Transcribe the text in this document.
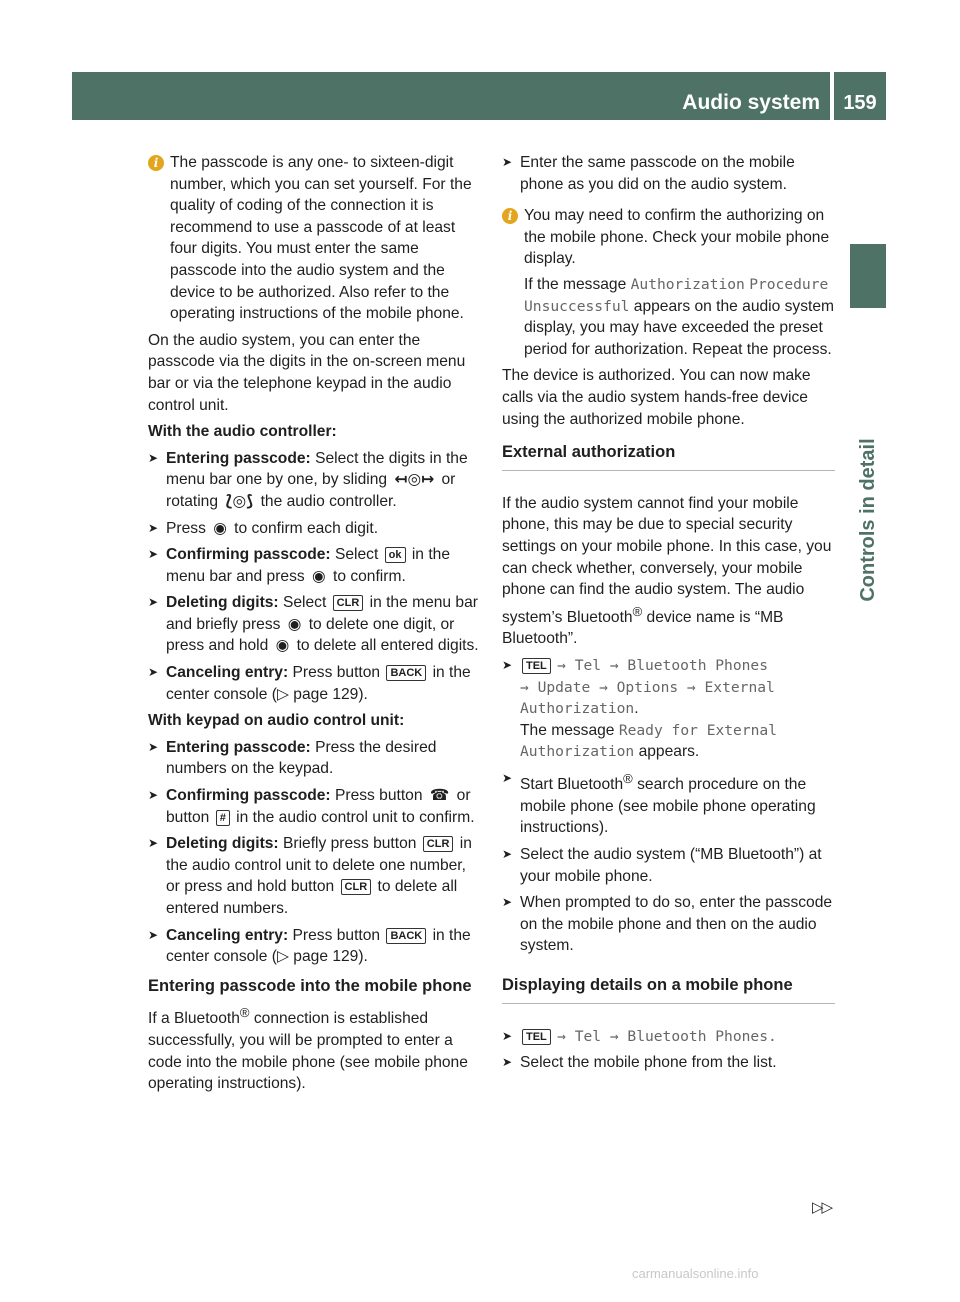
Audio system	159
Controls in detail
i The passcode is any one- to sixteen-digit number, which you can set yourself. For the quality of coding of the connection it is recommend to use a passcode of at least four digits. You must enter the same passcode into the audio system and the device to be authorized. Also refer to the operating instructions of the mobile phone.

On the audio system, you can enter the passcode via the digits in the on-screen menu bar or via the telephone keypad in the audio control unit.

With the audio controller:

➤ Entering passcode: Select the digits in the menu bar one by one, by sliding ↤◎↦ or rotating ⟅◎⟆ the audio controller.
➤ Press ◉ to confirm each digit.
➤ Confirming passcode: Select ok in the menu bar and press ◉ to confirm.
➤ Deleting digits: Select CLR in the menu bar and briefly press ◉ to delete one digit, or press and hold ◉ to delete all entered digits.
➤ Canceling entry: Press button BACK in the center console (▷ page 129).

With keypad on audio control unit:

➤ Entering passcode: Press the desired numbers on the keypad.
➤ Confirming passcode: Press button ☎ or button # in the audio control unit to confirm.
➤ Deleting digits: Briefly press button CLR in the audio control unit to delete one number, or press and hold button CLR to delete all entered numbers.
➤ Canceling entry: Press button BACK in the center console (▷ page 129).

Entering passcode into the mobile phone

If a Bluetooth® connection is established successfully, you will be prompted to enter a code into the mobile phone (see mobile phone operating instructions).

➤ Enter the same passcode on the mobile phone as you did on the audio system.
i You may need to confirm the authorizing on the mobile phone. Check your mobile phone display.
If the message Authorization Procedure Unsuccessful appears on the audio system display, you may have exceeded the preset period for authorization. Repeat the process.

The device is authorized. You can now make calls via the audio system hands-free device using the authorized mobile phone.

External authorization

If the audio system cannot find your mobile phone, this may be due to special security settings on your mobile phone. In this case, you can check whether, conversely, your mobile phone can find the audio system. The audio system’s Bluetooth® device name is “MB Bluetooth”.

➤ TEL → Tel → Bluetooth Phones
→ Update → Options → External
Authorization.
The message Ready for External Authorization appears.
➤ Start Bluetooth® search procedure on the mobile phone (see mobile phone operating instructions).
➤ Select the audio system (“MB Bluetooth”) at your mobile phone.
➤ When prompted to do so, enter the passcode on the mobile phone and then on the audio system.

Displaying details on a mobile phone

➤ TEL → Tel → Bluetooth Phones.
➤ Select the mobile phone from the list.
▷▷
carmanualsonline.info
